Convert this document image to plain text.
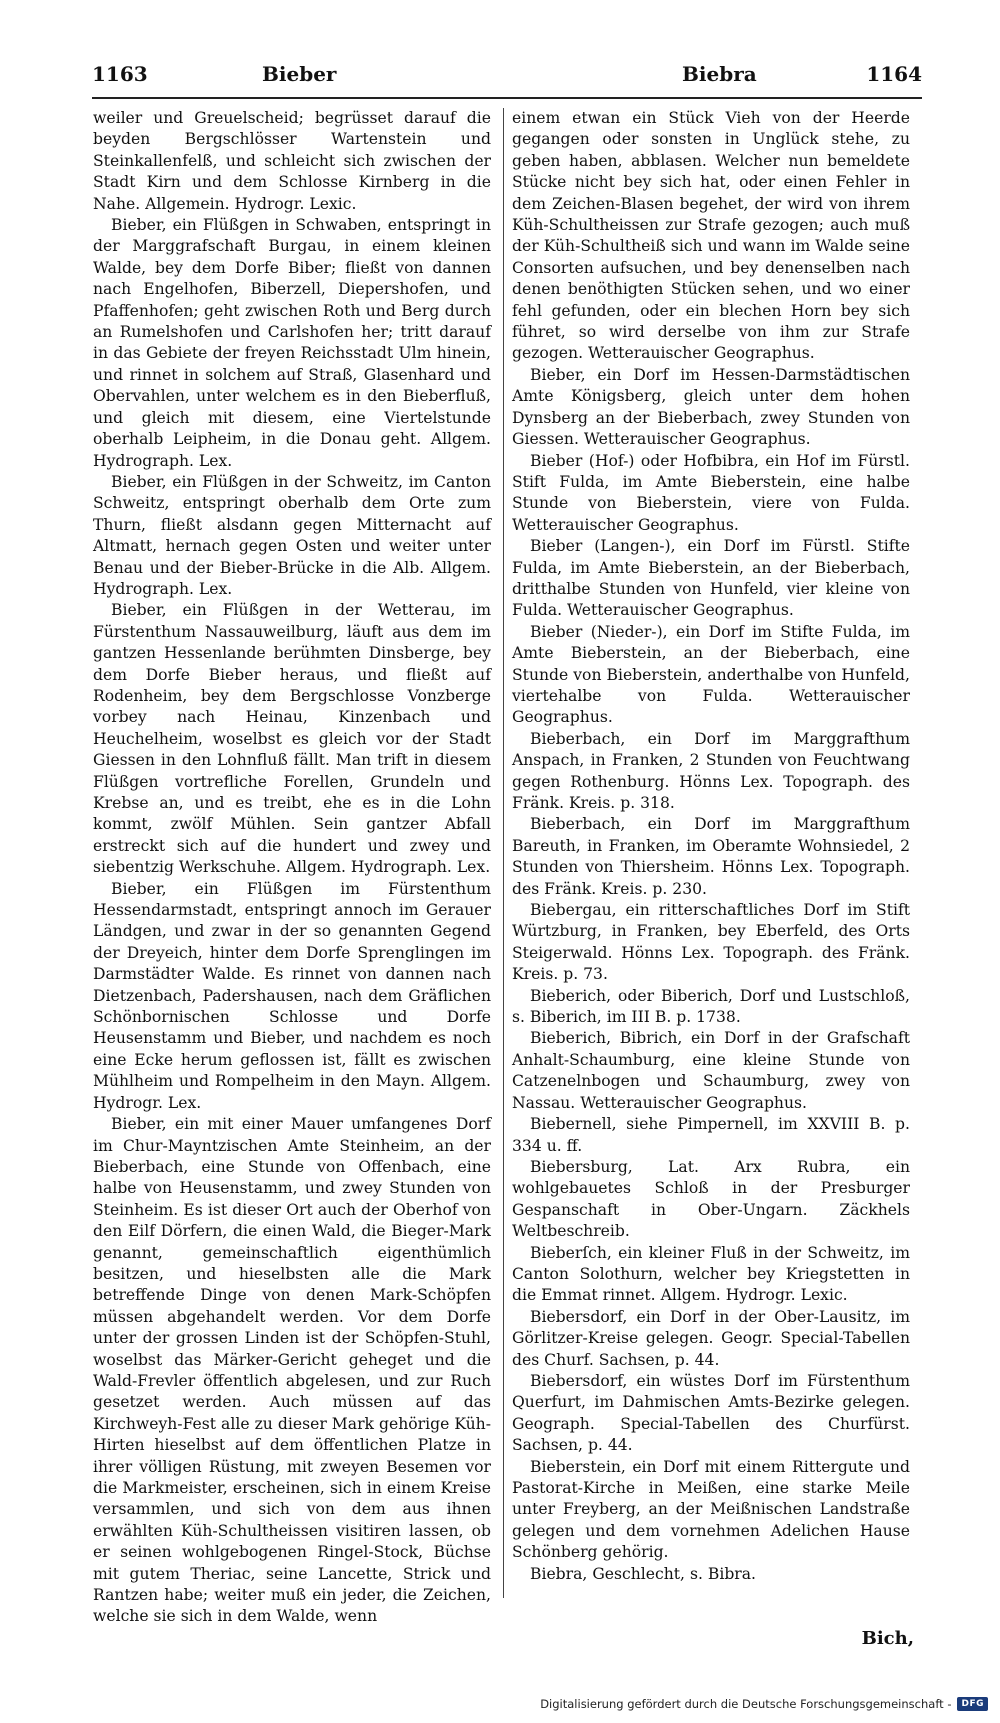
1163	Bieber	Biebra	1164

weiler und Greuelscheid; begrüsset darauf die beyden Bergschlösser Wartenstein und Steinkallenfelß, und schleicht sich zwischen der Stadt Kirn und dem Schlosse Kirnberg in die Nahe. Allgemein. Hydrogr. Lexic.

Bieber, ein Flüßgen in Schwaben, entspringt in der Marggrafschaft Burgau, in einem kleinen Walde, bey dem Dorfe Biber; fließt von dannen nach Engelhofen, Biberzell, Diepershofen, und Pfaffenhofen; geht zwischen Roth und Berg durch an Rumelshofen und Carlshofen her; tritt darauf in das Gebiete der freyen Reichsstadt Ulm hinein, und rinnet in solchem auf Straß, Glasenhard und Obervahlen, unter welchem es in den Bieberfluß, und gleich mit diesem, eine Viertelstunde oberhalb Leipheim, in die Donau geht. Allgem. Hydrograph. Lex.

Bieber, ein Flüßgen in der Schweitz, im Canton Schweitz, entspringt oberhalb dem Orte zum Thurn, fließt alsdann gegen Mitternacht auf Altmatt, hernach gegen Osten und weiter unter Benau und der Bieber-Brücke in die Alb. Allgem. Hydrograph. Lex.

Bieber, ein Flüßgen in der Wetterau, im Fürstenthum Nassauweilburg, läuft aus dem im gantzen Hessenlande berühmten Dinsberge, bey dem Dorfe Bieber heraus, und fließt auf Rodenheim, bey dem Bergschlosse Vonzberge vorbey nach Heinau, Kinzenbach und Heuchelheim, woselbst es gleich vor der Stadt Giessen in den Lohnfluß fällt. Man trift in diesem Flüßgen vortrefliche Forellen, Grundeln und Krebse an, und es treibt, ehe es in die Lohn kommt, zwölf Mühlen. Sein gantzer Abfall erstreckt sich auf die hundert und zwey und siebentzig Werkschuhe. Allgem. Hydrograph. Lex.

Bieber, ein Flüßgen im Fürstenthum Hessendarmstadt, entspringt annoch im Gerauer Ländgen, und zwar in der so genannten Gegend der Dreyeich, hinter dem Dorfe Sprenglingen im Darmstädter Walde. Es rinnet von dannen nach Dietzenbach, Padershausen, nach dem Gräflichen Schönbornischen Schlosse und Dorfe Heusenstamm und Bieber, und nachdem es noch eine Ecke herum geflossen ist, fällt es zwischen Mühlheim und Rompelheim in den Mayn. Allgem. Hydrogr. Lex.

Bieber, ein mit einer Mauer umfangenes Dorf im Chur-Mayntzischen Amte Steinheim, an der Bieberbach, eine Stunde von Offenbach, eine halbe von Heusenstamm, und zwey Stunden von Steinheim. Es ist dieser Ort auch der Oberhof von den Eilf Dörfern, die einen Wald, die Bieger-Mark genannt, gemeinschaftlich eigenthümlich besitzen, und hieselbsten alle die Mark betreffende Dinge von denen Mark-Schöpfen müssen abgehandelt werden. Vor dem Dorfe unter der grossen Linden ist der Schöpfen-Stuhl, woselbst das Märker-Gericht geheget und die Wald-Frevler öffentlich abgelesen, und zur Ruch gesetzet werden. Auch müssen auf das Kirchweyh-Fest alle zu dieser Mark gehörige Küh-Hirten hieselbst auf dem öffentlichen Platze in ihrer völligen Rüstung, mit zweyen Besemen vor die Markmeister, erscheinen, sich in einem Kreise versammlen, und sich von dem aus ihnen erwählten Küh-Schultheissen visitiren lassen, ob er seinen wohlgebogenen Ringel-Stock, Büchse mit gutem Theriac, seine Lancette, Strick und Rantzen habe; weiter muß ein jeder, die Zeichen, welche sie sich in dem Walde, wenn

einem etwan ein Stück Vieh von der Heerde gegangen oder sonsten in Unglück stehe, zu geben haben, abblasen. Welcher nun bemeldete Stücke nicht bey sich hat, oder einen Fehler in dem Zeichen-Blasen begehet, der wird von ihrem Küh-Schultheissen zur Strafe gezogen; auch muß der Küh-Schultheiß sich und wann im Walde seine Consorten aufsuchen, und bey denenselben nach denen benöthigten Stücken sehen, und wo einer fehl gefunden, oder ein blechen Horn bey sich führet, so wird derselbe von ihm zur Strafe gezogen. Wetterauischer Geographus.

Bieber, ein Dorf im Hessen-Darmstädtischen Amte Königsberg, gleich unter dem hohen Dynsberg an der Bieberbach, zwey Stunden von Giessen. Wetterauischer Geographus.

Bieber (Hof-) oder Hofbibra, ein Hof im Fürstl. Stift Fulda, im Amte Bieberstein, eine halbe Stunde von Bieberstein, viere von Fulda. Wetterauischer Geographus.

Bieber (Langen-), ein Dorf im Fürstl. Stifte Fulda, im Amte Bieberstein, an der Bieberbach, dritthalbe Stunden von Hunfeld, vier kleine von Fulda. Wetterauischer Geographus.

Bieber (Nieder-), ein Dorf im Stifte Fulda, im Amte Bieberstein, an der Bieberbach, eine Stunde von Bieberstein, anderthalbe von Hunfeld, viertehalbe von Fulda. Wetterauischer Geographus.

Bieberbach, ein Dorf im Marggrafthum Anspach, in Franken, 2 Stunden von Feuchtwang gegen Rothenburg. Hönns Lex. Topograph. des Fränk. Kreis. p. 318.

Bieberbach, ein Dorf im Marggrafthum Bareuth, in Franken, im Oberamte Wohnsiedel, 2 Stunden von Thiersheim. Hönns Lex. Topograph. des Fränk. Kreis. p. 230.

Biebergau, ein ritterschaftliches Dorf im Stift Würtzburg, in Franken, bey Eberfeld, des Orts Steigerwald. Hönns Lex. Topograph. des Fränk. Kreis. p. 73.

Bieberich, oder Biberich, Dorf und Lustschloß, s. Biberich, im III B. p. 1738.

Bieberich, Bibrich, ein Dorf in der Grafschaft Anhalt-Schaumburg, eine kleine Stunde von Catzenelnbogen und Schaumburg, zwey von Nassau. Wetterauischer Geographus.

Biebernell, siehe Pimpernell, im XXVIII B. p. 334 u. ff.

Biebersburg, Lat. Arx Rubra, ein wohlgebauetes Schloß in der Presburger Gespanschaft in Ober-Ungarn. Zäckhels Weltbeschreib.

Bieberſch, ein kleiner Fluß in der Schweitz, im Canton Solothurn, welcher bey Kriegstetten in die Emmat rinnet. Allgem. Hydrogr. Lexic.

Biebersdorf, ein Dorf in der Ober-Lausitz, im Görlitzer-Kreise gelegen. Geogr. Special-Tabellen des Churf. Sachsen, p. 44.

Biebersdorf, ein wüstes Dorf im Fürstenthum Querfurt, im Dahmischen Amts-Bezirke gelegen. Geograph. Special-Tabellen des Churfürst. Sachsen, p. 44.

Bieberstein, ein Dorf mit einem Rittergute und Pastorat-Kirche in Meißen, eine starke Meile unter Freyberg, an der Meißnischen Landstraße gelegen und dem vornehmen Adelichen Hause Schönberg gehörig.

Biebra, Geschlecht, s. Bibra.

Bich,
Digitalisierung gefördert durch die Deutsche Forschungsgemeinschaft -	DFG
